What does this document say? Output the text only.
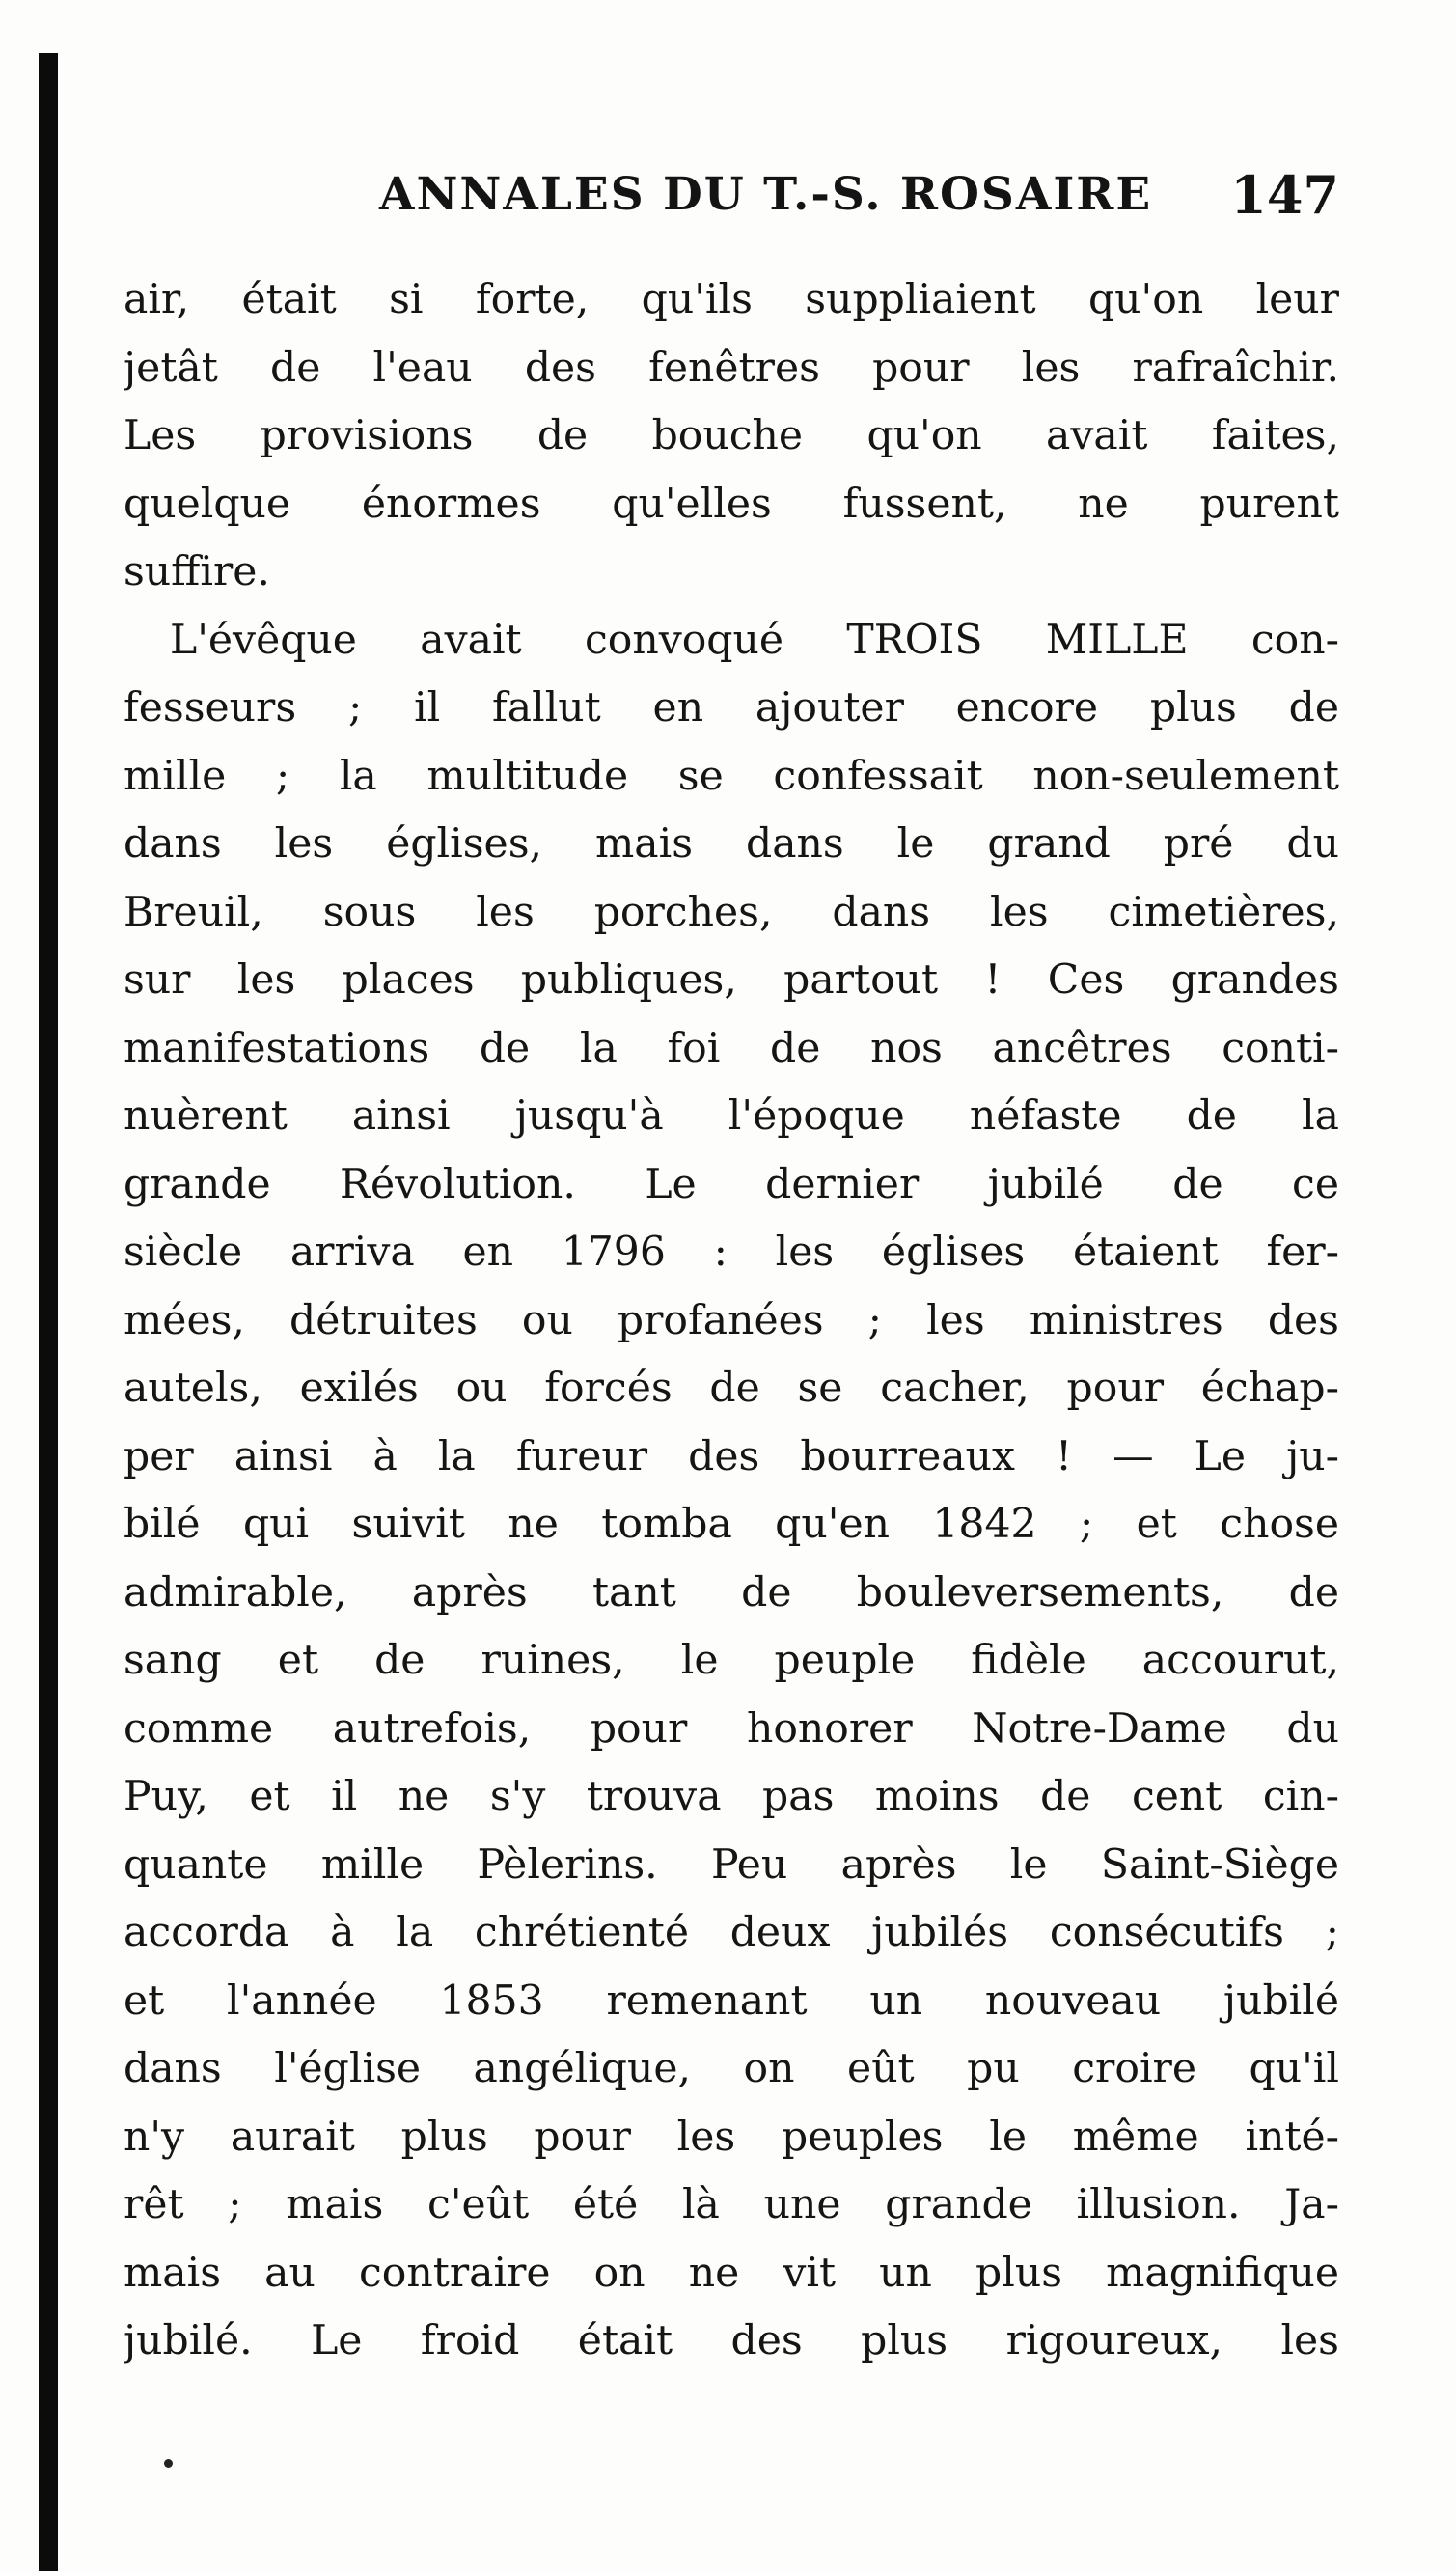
ANNALES DU T.-S. ROSAIRE 147
air, était si forte, qu'ils suppliaient qu'on leur
jetât de l'eau des fenêtres pour les rafraîchir.
Les provisions de bouche qu'on avait faites,
quelque énormes qu'elles fussent, ne purent
suffire.
L'évêque avait convoqué TROIS MILLE con-
fesseurs ; il fallut en ajouter encore plus de
mille ; la multitude se confessait non-seulement
dans les églises, mais dans le grand pré du
Breuil, sous les porches, dans les cimetières,
sur les places publiques, partout ! Ces grandes
manifestations de la foi de nos ancêtres conti-
nuèrent ainsi jusqu'à l'époque néfaste de la
grande Révolution. Le dernier jubilé de ce
siècle arriva en 1796 : les églises étaient fer-
mées, détruites ou profanées ; les ministres des
autels, exilés ou forcés de se cacher, pour échap-
per ainsi à la fureur des bourreaux ! — Le ju-
bilé qui suivit ne tomba qu'en 1842 ; et chose
admirable, après tant de bouleversements, de
sang et de ruines, le peuple fidèle accourut,
comme autrefois, pour honorer Notre-Dame du
Puy, et il ne s'y trouva pas moins de cent cin-
quante mille Pèlerins. Peu après le Saint-Siège
accorda à la chrétienté deux jubilés consécutifs ;
et l'année 1853 remenant un nouveau jubilé
dans l'église angélique, on eût pu croire qu'il
n'y aurait plus pour les peuples le même inté-
rêt ; mais c'eût été là une grande illusion. Ja-
mais au contraire on ne vit un plus magnifique
jubilé. Le froid était des plus rigoureux, les
